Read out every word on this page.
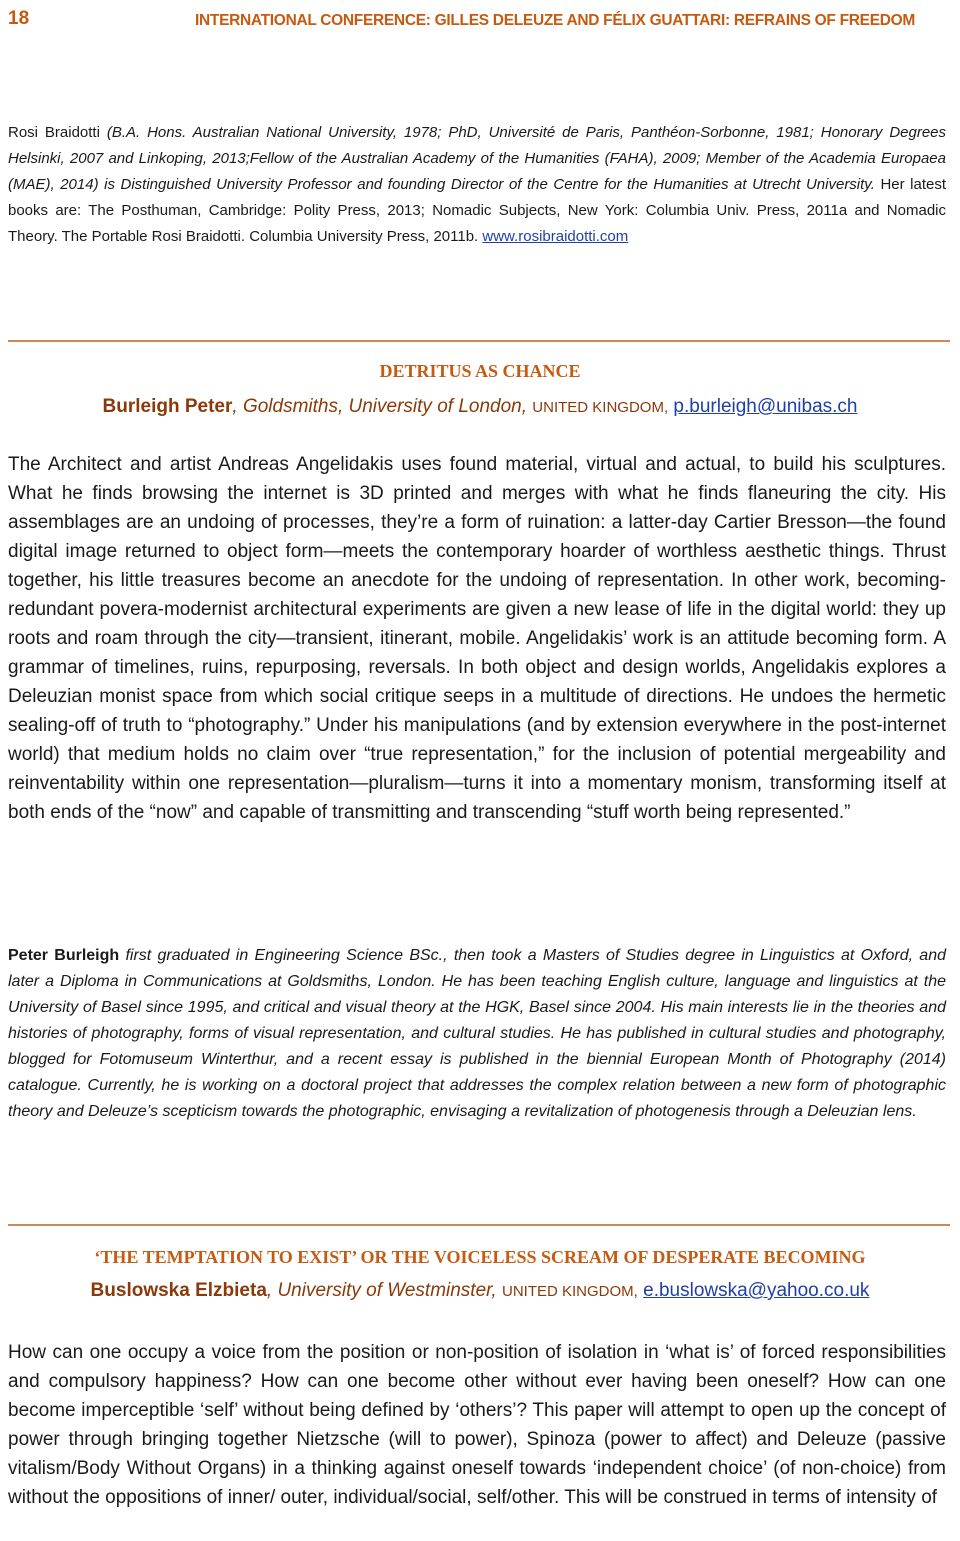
18	INTERNATIONAL CONFERENCE: GILLES DELEUZE AND FÉLIX GUATTARI: REFRAINS OF FREEDOM
Rosi Braidotti (B.A. Hons. Australian National University, 1978; PhD, Université de Paris, Panthéon-Sorbonne, 1981; Honorary Degrees Helsinki, 2007 and Linkoping, 2013;Fellow of the Australian Academy of the Humanities (FAHA), 2009; Member of the Academia Europaea (MAE), 2014) is Distinguished University Professor and founding Director of the Centre for the Humanities at Utrecht University. Her latest books are: The Posthuman, Cambridge: Polity Press, 2013; Nomadic Subjects, New York: Columbia Univ. Press, 2011a and Nomadic Theory. The Portable Rosi Braidotti. Columbia University Press, 2011b. www.rosibraidotti.com
DETRITUS AS CHANCE
Burleigh Peter, Goldsmiths, University of London, UNITED KINGDOM, p.burleigh@unibas.ch
The Architect and artist Andreas Angelidakis uses found material, virtual and actual, to build his sculptures. What he finds browsing the internet is 3D printed and merges with what he finds flaneuring the city. His assemblages are an undoing of processes, they’re a form of ruination: a latter-day Cartier Bresson—the found digital image returned to object form—meets the contemporary hoarder of worthless aesthetic things. Thrust together, his little treasures become an anecdote for the undoing of representation. In other work, becoming-redundant povera-modernist architectural experiments are given a new lease of life in the digital world: they up roots and roam through the city—transient, itinerant, mobile. Angelidakis’ work is an attitude becoming form. A grammar of timelines, ruins, repurposing, reversals. In both object and design worlds, Angelidakis explores a Deleuzian monist space from which social critique seeps in a multitude of directions. He undoes the hermetic sealing-off of truth to “photography.” Under his manipulations (and by extension everywhere in the post-internet world) that medium holds no claim over “true representation,” for the inclusion of potential mergeability and reinventability within one representation—pluralism—turns it into a momentary monism, transforming itself at both ends of the “now” and capable of transmitting and transcending “stuff worth being represented.”
Peter Burleigh first graduated in Engineering Science BSc., then took a Masters of Studies degree in Linguistics at Oxford, and later a Diploma in Communications at Goldsmiths, London. He has been teaching English culture, language and linguistics at the University of Basel since 1995, and critical and visual theory at the HGK, Basel since 2004. His main interests lie in the theories and histories of photography, forms of visual representation, and cultural studies. He has published in cultural studies and photography, blogged for Fotomuseum Winterthur, and a recent essay is published in the biennial European Month of Photography (2014) catalogue. Currently, he is working on a doctoral project that addresses the complex relation between a new form of photographic theory and Deleuze’s scepticism towards the photographic, envisaging a revitalization of photogenesis through a Deleuzian lens.
‘THE TEMPTATION TO EXIST’ OR THE VOICELESS SCREAM OF DESPERATE BECOMING
Buslowska Elzbieta, University of Westminster, UNITED KINGDOM, e.buslowska@yahoo.co.uk
How can one occupy a voice from the position or non-position of isolation in ‘what is’ of forced responsibilities and compulsory happiness? How can one become other without ever having been oneself? How can one become imperceptible ‘self’ without being defined by ‘others’? This paper will attempt to open up the concept of power through bringing together Nietzsche (will to power), Spinoza (power to affect) and Deleuze (passive vitalism/Body Without Organs) in a thinking against oneself towards ‘independent choice’ (of non-choice) from without the oppositions of inner/ outer, individual/social, self/other. This will be construed in terms of intensity of
